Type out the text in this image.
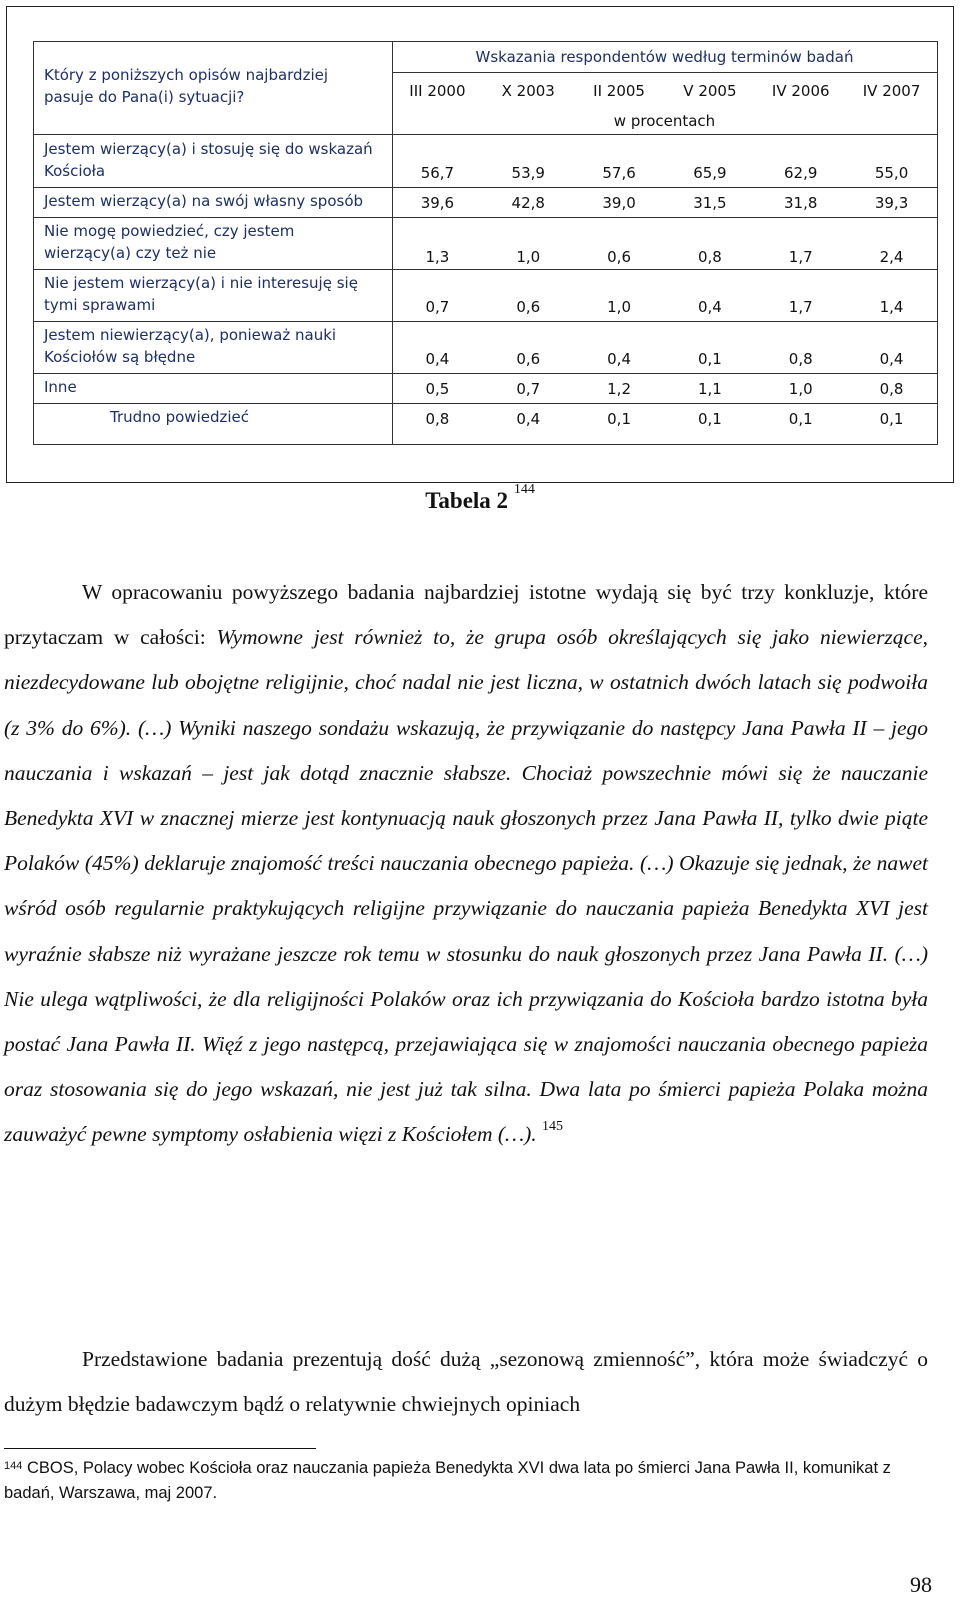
Który z poniższych opisów najbardziej
pasuje do Pana(i) sytuacji?
Wskazania respondentów według terminów badań
III 2000	X 2003	II 2005	V 2005	IV 2006	IV 2007
w procentach
Jestem wierzący(a) i stosuję się do wskazań
Kościoła	56,7	53,9	57,6	65,9	62,9	55,0
Jestem wierzący(a) na swój własny sposób	39,6	42,8	39,0	31,5	31,8	39,3
Nie mogę powiedzieć, czy jestem
wierzący(a) czy też nie	1,3	1,0	0,6	0,8	1,7	2,4
Nie jestem wierzący(a) i nie interesuję się
tymi sprawami	0,7	0,6	1,0	0,4	1,7	1,4
Jestem niewierzący(a), ponieważ nauki
Kościołów są błędne	0,4	0,6	0,4	0,1	0,8	0,4
Inne	0,5	0,7	1,2	1,1	1,0	0,8
Trudno powiedzieć	0,8	0,4	0,1	0,1	0,1	0,1
Tabela 2 $^{144}$
W opracowaniu powyższego badania najbardziej istotne wydają się być trzy konkluzje, które przytaczam w całości: Wymowne jest również to, że grupa osób określających się jako niewierzące, niezdecydowane lub obojętne religijnie, choć nadal nie jest liczna, w ostatnich dwóch latach się podwoiła (z 3% do 6%). (…) Wyniki naszego sondażu wskazują, że przywiązanie do następcy Jana Pawła II – jego nauczania i wskazań – jest jak dotąd znacznie słabsze. Chociaż powszechnie mówi się że nauczanie Benedykta XVI w znacznej mierze jest kontynuacją nauk głoszonych przez Jana Pawła II, tylko dwie piąte Polaków (45%) deklaruje znajomość treści nauczania obecnego papieża. (…) Okazuje się jednak, że nawet wśród osób regularnie praktykujących religijne przywiązanie do nauczania papieża Benedykta XVI jest wyraźnie słabsze niż wyrażane jeszcze rok temu w stosunku do nauk głoszonych przez Jana Pawła II. (…) Nie ulega wątpliwości, że dla religijności Polaków oraz ich przywiązania do Kościoła bardzo istotna była postać Jana Pawła II. Więź z jego następcą, przejawiająca się w znajomości nauczania obecnego papieża oraz stosowania się do jego wskazań, nie jest już tak silna. Dwa lata po śmierci papieża Polaka można zauważyć pewne symptomy osłabienia więzi z Kościołem (…). $^{145}$
Przedstawione badania prezentują dość dużą „sezonową zmienność”, która może świadczyć o dużym błędzie badawczym bądź o relatywnie chwiejnych opiniach
$^{144}$ CBOS, Polacy wobec Kościoła oraz nauczania papieża Benedykta XVI dwa lata po śmierci Jana Pawła II, komunikat z badań, Warszawa, maj 2007.
98
